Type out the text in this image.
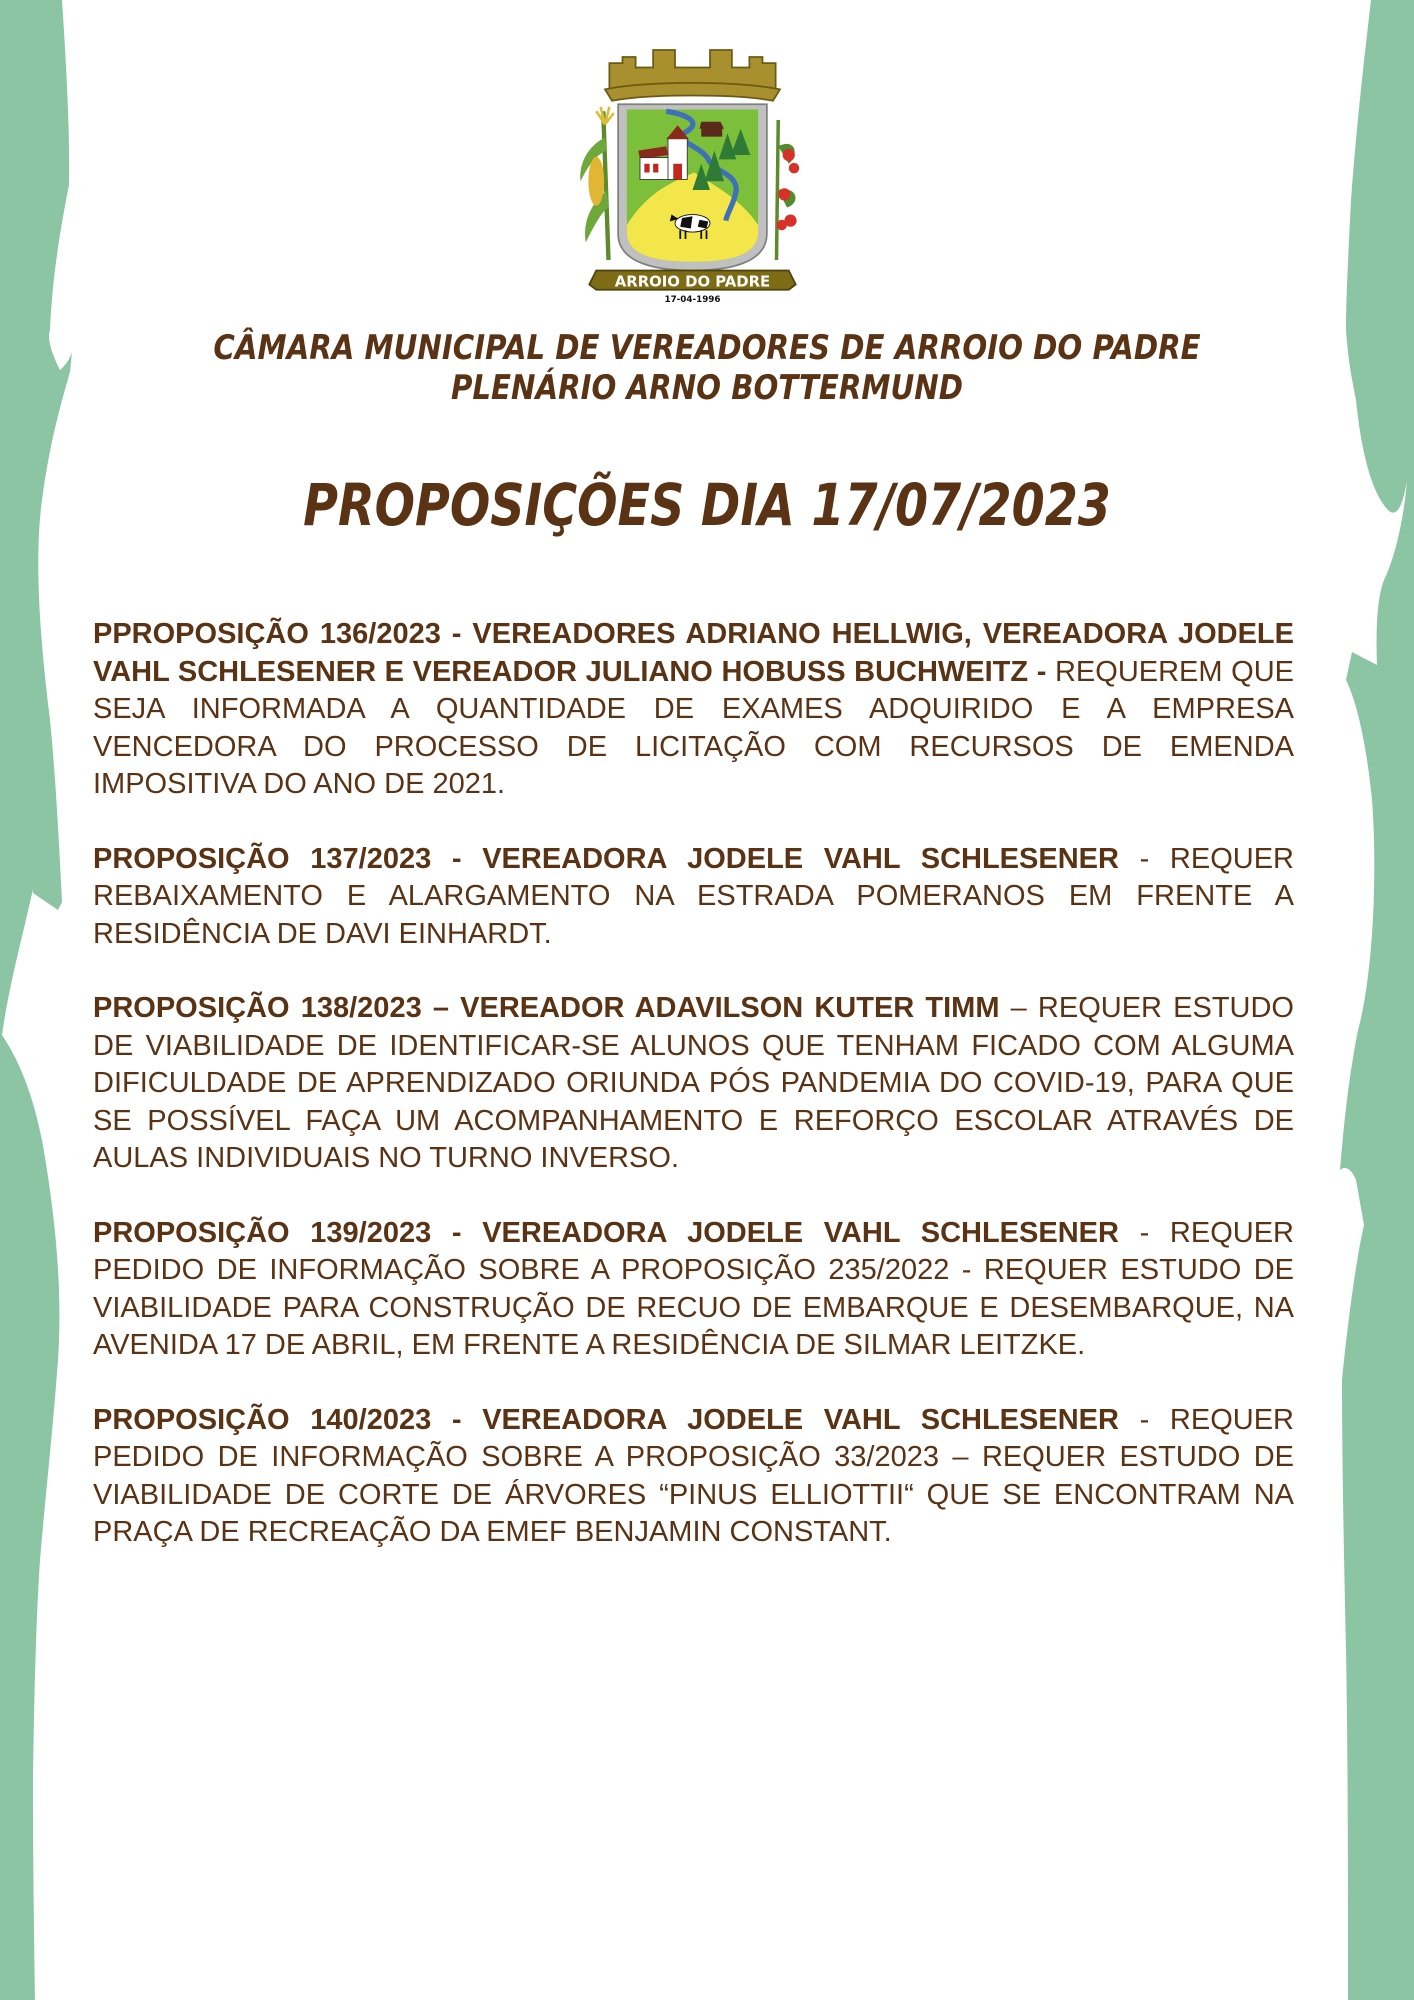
ARROIO DO PADRE
17-04-1996
CÂMARA MUNICIPAL DE VEREADORES DE ARROIO DO PADRE
PLENÁRIO ARNO BOTTERMUND
PROPOSIÇÕES DIA 17/07/2023

PPROPOSIÇÃO 136/2023 - VEREADORES ADRIANO HELLWIG, VEREADORA JODELE VAHL SCHLESENER E VEREADOR JULIANO HOBUSS BUCHWEITZ - REQUEREM QUE SEJA INFORMADA A QUANTIDADE DE EXAMES ADQUIRIDO E A EMPRESA VENCEDORA DO PROCESSO DE LICITAÇÃO COM RECURSOS DE EMENDA IMPOSITIVA DO ANO DE 2021.

PROPOSIÇÃO 137/2023 - VEREADORA JODELE VAHL SCHLESENER - REQUER REBAIXAMENTO E ALARGAMENTO NA ESTRADA POMERANOS EM FRENTE A RESIDÊNCIA DE DAVI EINHARDT.

PROPOSIÇÃO 138/2023 – VEREADOR ADAVILSON KUTER TIMM – REQUER ESTUDO DE VIABILIDADE DE IDENTIFICAR-SE ALUNOS QUE TENHAM FICADO COM ALGUMA DIFICULDADE DE APRENDIZADO ORIUNDA PÓS PANDEMIA DO COVID-19, PARA QUE SE POSSÍVEL FAÇA UM ACOMPANHAMENTO E REFORÇO ESCOLAR ATRAVÉS DE AULAS INDIVIDUAIS NO TURNO INVERSO.

PROPOSIÇÃO 139/2023 - VEREADORA JODELE VAHL SCHLESENER - REQUER PEDIDO DE INFORMAÇÃO SOBRE A PROPOSIÇÃO 235/2022 - REQUER ESTUDO DE VIABILIDADE PARA CONSTRUÇÃO DE RECUO DE EMBARQUE E DESEMBARQUE, NA AVENIDA 17 DE ABRIL, EM FRENTE A RESIDÊNCIA DE SILMAR LEITZKE.

PROPOSIÇÃO 140/2023 - VEREADORA JODELE VAHL SCHLESENER - REQUER PEDIDO DE INFORMAÇÃO SOBRE A PROPOSIÇÃO 33/2023 – REQUER ESTUDO DE VIABILIDADE DE CORTE DE ÁRVORES “PINUS ELLIOTTII“ QUE SE ENCONTRAM NA PRAÇA DE RECREAÇÃO DA EMEF BENJAMIN CONSTANT.
